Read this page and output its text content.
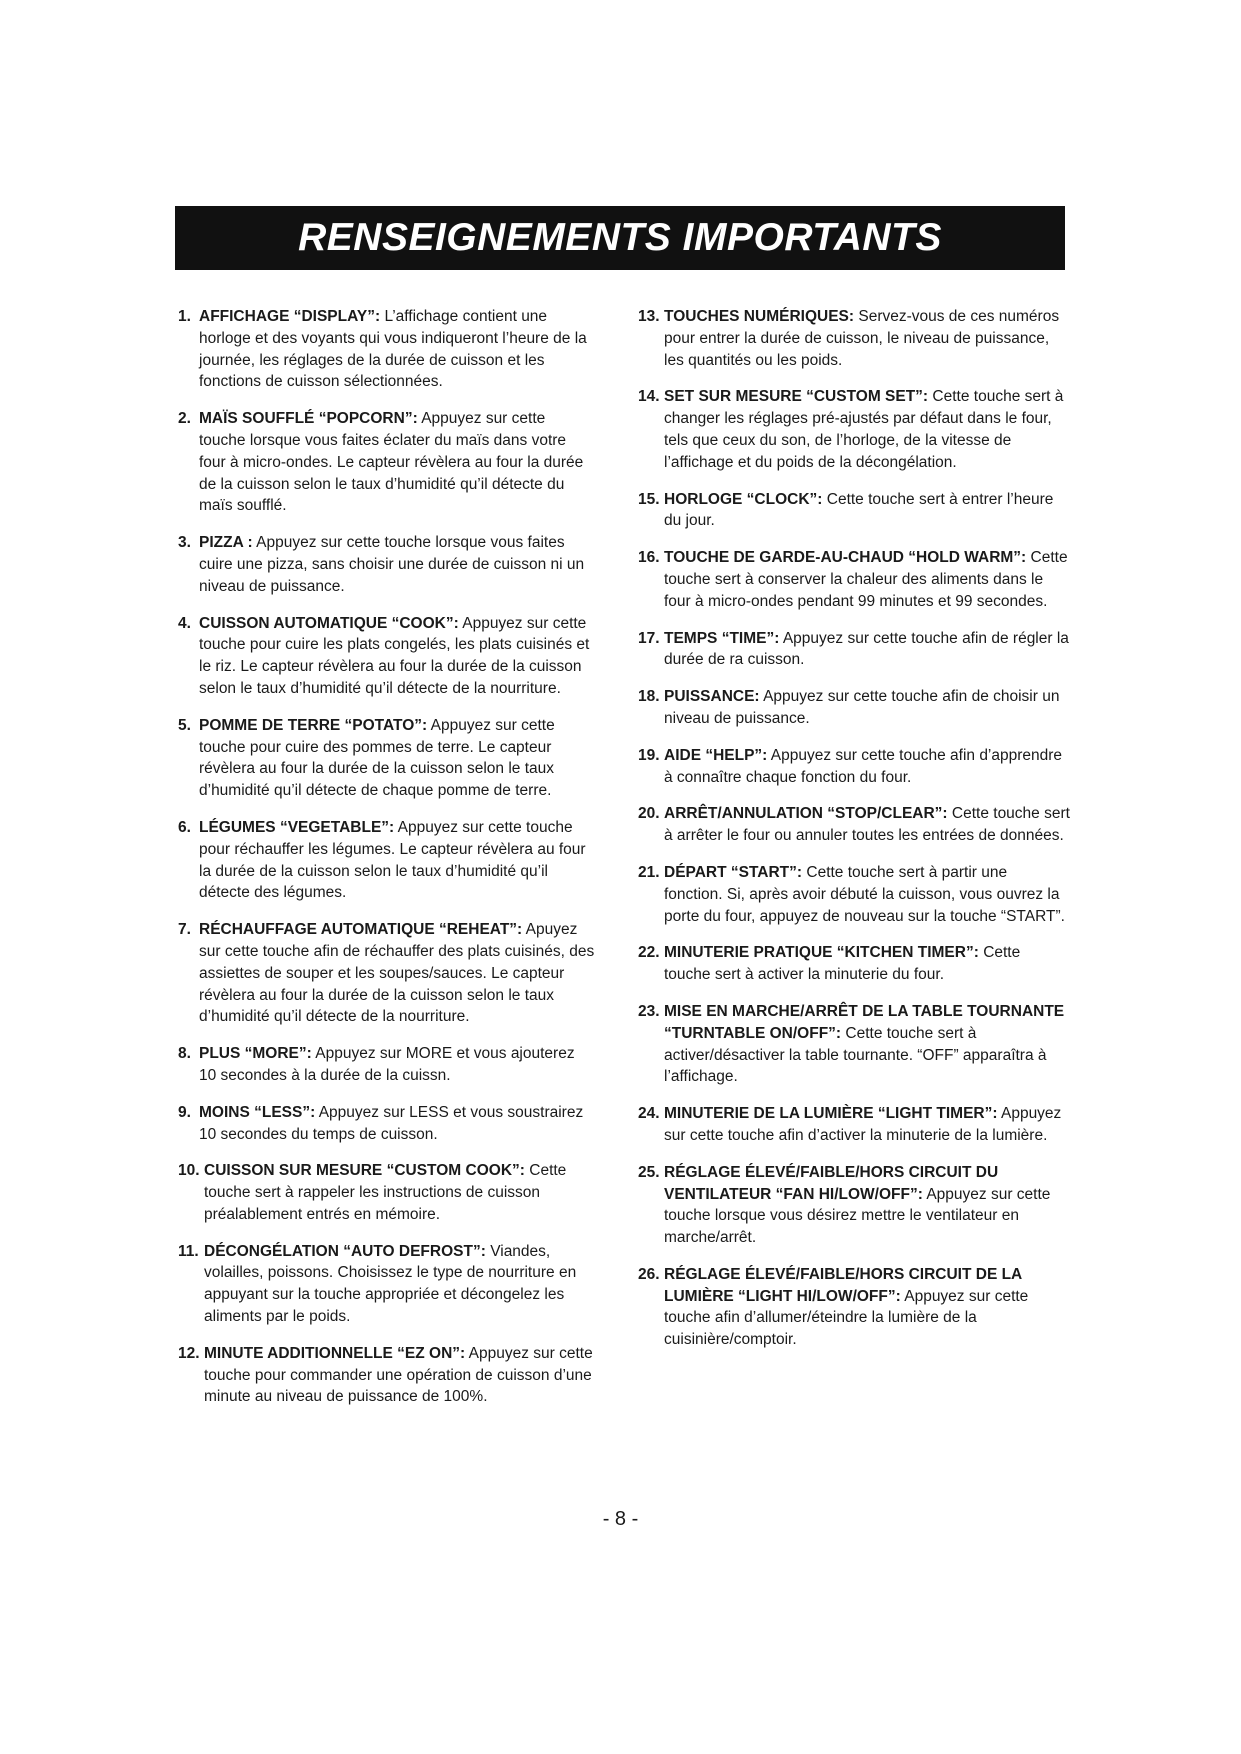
RENSEIGNEMENTS IMPORTANTS
1. AFFICHAGE “DISPLAY”: L’affichage contient une horloge et des voyants qui vous indiqueront l’heure de la journée, les réglages de la durée de cuisson et les fonctions de cuisson sélectionnées.
2. MAÏS SOUFFLÉ “POPCORN”: Appuyez sur cette touche lorsque vous faites éclater du maïs dans votre four à micro-ondes. Le capteur révèlera au four la durée de la cuisson selon le taux d’humidité qu’il détecte du maïs soufflé.
3. PIZZA : Appuyez sur cette touche lorsque vous faites cuire une pizza, sans choisir une durée de cuisson ni un niveau de puissance.
4. CUISSON AUTOMATIQUE “COOK”: Appuyez sur cette touche pour cuire les plats congelés, les plats cuisinés et le riz. Le capteur révèlera au four la durée de la cuisson selon le taux d’humidité qu’il détecte de la nourriture.
5. POMME DE TERRE “POTATO”: Appuyez sur cette touche pour cuire des pommes de terre. Le capteur révèlera au four la durée de la cuisson selon le taux d’humidité qu’il détecte de chaque pomme de terre.
6. LÉGUMES “VEGETABLE”: Appuyez sur cette touche pour réchauffer les légumes. Le capteur révèlera au four la durée de la cuisson selon le taux d’humidité qu’il détecte des légumes.
7. RÉCHAUFFAGE AUTOMATIQUE “REHEAT”: Apuyez sur cette touche afin de réchauffer des plats cuisinés, des assiettes de souper et les soupes/sauces. Le capteur révèlera au four la durée de la cuisson selon le taux d’humidité qu’il détecte de la nourriture.
8. PLUS “MORE”: Appuyez sur MORE et vous ajouterez 10 secondes à la durée de la cuissn.
9. MOINS “LESS”: Appuyez sur LESS et vous soustrairez 10 secondes du temps de cuisson.
10. CUISSON SUR MESURE “CUSTOM COOK”: Cette touche sert à rappeler les instructions de cuisson préalablement entrés en mémoire.
11. DÉCONGÉLATION “AUTO DEFROST”: Viandes, volailles, poissons. Choisissez le type de nourriture en appuyant sur la touche appropriée et décongelez les aliments par le poids.
12. MINUTE ADDITIONNELLE “EZ ON”: Appuyez sur cette touche pour commander une opération de cuisson d’une minute au niveau de puissance de 100%.
13. TOUCHES NUMÉRIQUES: Servez-vous de ces numéros pour entrer la durée de cuisson, le niveau de puissance, les quantités ou les poids.
14. SET SUR MESURE “CUSTOM SET”: Cette touche sert à changer les réglages pré-ajustés par défaut dans le four, tels que ceux du son, de l’horloge, de la vitesse de l’affichage et du poids de la décongélation.
15. HORLOGE “CLOCK”: Cette touche sert à entrer l’heure du jour.
16. TOUCHE DE GARDE-AU-CHAUD “HOLD WARM”: Cette touche sert à conserver la chaleur des aliments dans le four à micro-ondes pendant 99 minutes et 99 secondes.
17. TEMPS “TIME”: Appuyez sur cette touche afin de régler la durée de ra cuisson.
18. PUISSANCE: Appuyez sur cette touche afin de choisir un niveau de puissance.
19. AIDE “HELP”: Appuyez sur cette touche afin d’apprendre à connaître chaque fonction du four.
20. ARRÊT/ANNULATION “STOP/CLEAR”: Cette touche sert à arrêter le four ou annuler toutes les entrées de données.
21. DÉPART “START”: Cette touche sert à partir une fonction. Si, après avoir débuté la cuisson, vous ouvrez la porte du four, appuyez de nouveau sur la touche “START”.
22. MINUTERIE PRATIQUE “KITCHEN TIMER”: Cette touche sert à activer la minuterie du four.
23. MISE EN MARCHE/ARRÊT DE LA TABLE TOURNANTE “TURNTABLE ON/OFF”: Cette touche sert à activer/désactiver la table tournante. “OFF” apparaîtra à l’affichage.
24. MINUTERIE DE LA LUMIÈRE “LIGHT TIMER”: Appuyez sur cette touche afin d’activer la minuterie de la lumière.
25. RÉGLAGE ÉLEVÉ/FAIBLE/HORS CIRCUIT DU VENTILATEUR “FAN HI/LOW/OFF”: Appuyez sur cette touche lorsque vous désirez mettre le ventilateur en marche/arrêt.
26. RÉGLAGE ÉLEVÉ/FAIBLE/HORS CIRCUIT DE LA LUMIÈRE “LIGHT HI/LOW/OFF”: Appuyez sur cette touche afin d’allumer/éteindre la lumière de la cuisinière/comptoir.
- 8 -
